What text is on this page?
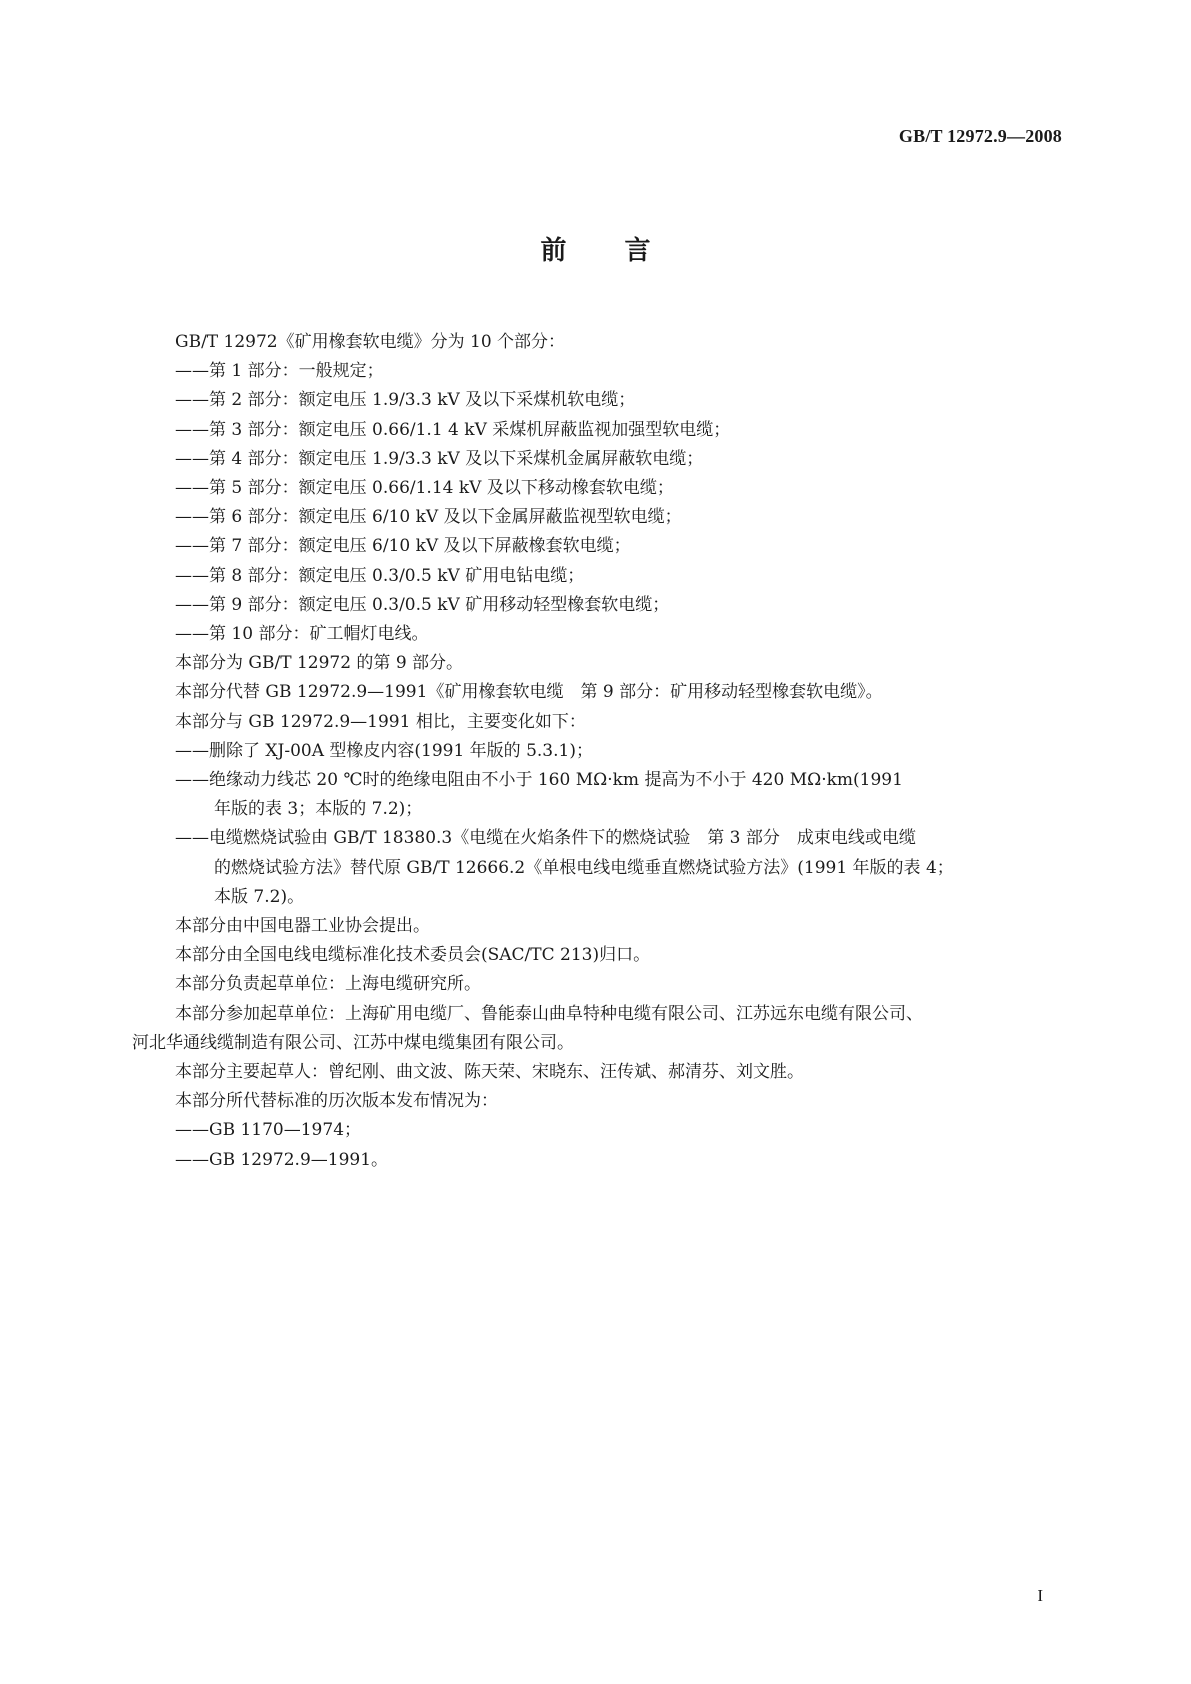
GB/T 12972.9—2008
前言

GB/T 12972《矿用橡套软电缆》分为 10 个部分：

——第 1 部分：一般规定；

——第 2 部分：额定电压 1.9/3.3 kV 及以下采煤机软电缆；

——第 3 部分：额定电压 0.66/1.1 4 kV 采煤机屏蔽监视加强型软电缆；

——第 4 部分：额定电压 1.9/3.3 kV 及以下采煤机金属屏蔽软电缆；

——第 5 部分：额定电压 0.66/1.14 kV 及以下移动橡套软电缆；

——第 6 部分：额定电压 6/10 kV 及以下金属屏蔽监视型软电缆；

——第 7 部分：额定电压 6/10 kV 及以下屏蔽橡套软电缆；

——第 8 部分：额定电压 0.3/0.5 kV 矿用电钻电缆；

——第 9 部分：额定电压 0.3/0.5 kV 矿用移动轻型橡套软电缆；

——第 10 部分：矿工帽灯电线。

本部分为 GB/T 12972 的第 9 部分。

本部分代替 GB 12972.9—1991《矿用橡套软电缆　第 9 部分：矿用移动轻型橡套软电缆》。

本部分与 GB 12972.9—1991 相比，主要变化如下：

——删除了 XJ-00A 型橡皮内容(1991 年版的 5.3.1)；

——绝缘动力线芯 20 ℃时的绝缘电阻由不小于 160 MΩ·km 提高为不小于 420 MΩ·km(1991
年版的表 3；本版的 7.2)；
——电缆燃烧试验由 GB/T 18380.3《电缆在火焰条件下的燃烧试验　第 3 部分　成束电线或电缆
的燃烧试验方法》替代原 GB/T 12666.2《单根电线电缆垂直燃烧试验方法》(1991 年版的表 4；
本版 7.2)。

本部分由中国电器工业协会提出。

本部分由全国电线电缆标准化技术委员会(SAC/TC 213)归口。

本部分负责起草单位：上海电缆研究所。

本部分参加起草单位：上海矿用电缆厂、鲁能泰山曲阜特种电缆有限公司、江苏远东电缆有限公司、

河北华通线缆制造有限公司、江苏中煤电缆集团有限公司。

本部分主要起草人：曾纪刚、曲文波、陈天荣、宋晓东、汪传斌、郝清芬、刘文胜。

本部分所代替标准的历次版本发布情况为：

——GB 1170—1974；

——GB 12972.9—1991。

I
